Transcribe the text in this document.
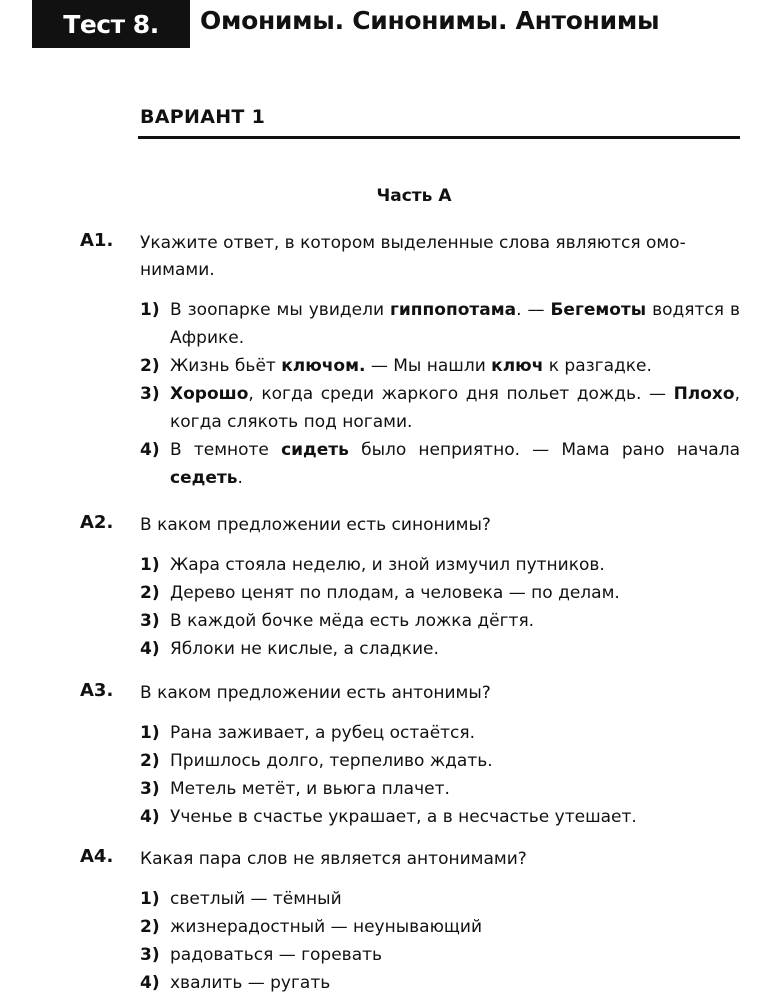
Тест 8.	Омонимы. Синонимы. Антонимы
ВАРИАНТ 1
Часть А
А1. Укажите ответ, в котором выделенные слова являются омо-
нимами.
1) В зоопарке мы увидели гиппопотама. — Бегемоты водятся в Африке.
2) Жизнь бьёт ключом. — Мы нашли ключ к разгадке.
3) Хорошо, когда среди жаркого дня польет дождь. — Плохо, когда слякоть под ногами.
4) В темноте сидеть было неприятно. — Мама рано начала седеть.
А2. В каком предложении есть синонимы?
1) Жара стояла неделю, и зной измучил путников.
2) Дерево ценят по плодам, а человека — по делам.
3) В каждой бочке мёда есть ложка дёгтя.
4) Яблоки не кислые, а сладкие.
А3. В каком предложении есть антонимы?
1) Рана заживает, а рубец остаётся.
2) Пришлось долго, терпеливо ждать.
3) Метель метёт, и вьюга плачет.
4) Ученье в счастье украшает, а в несчастье утешает.
А4. Какая пара слов не является антонимами?
1) светлый — тёмный
2) жизнерадостный — неунывающий
3) радоваться — горевать
4) хвалить — ругать
